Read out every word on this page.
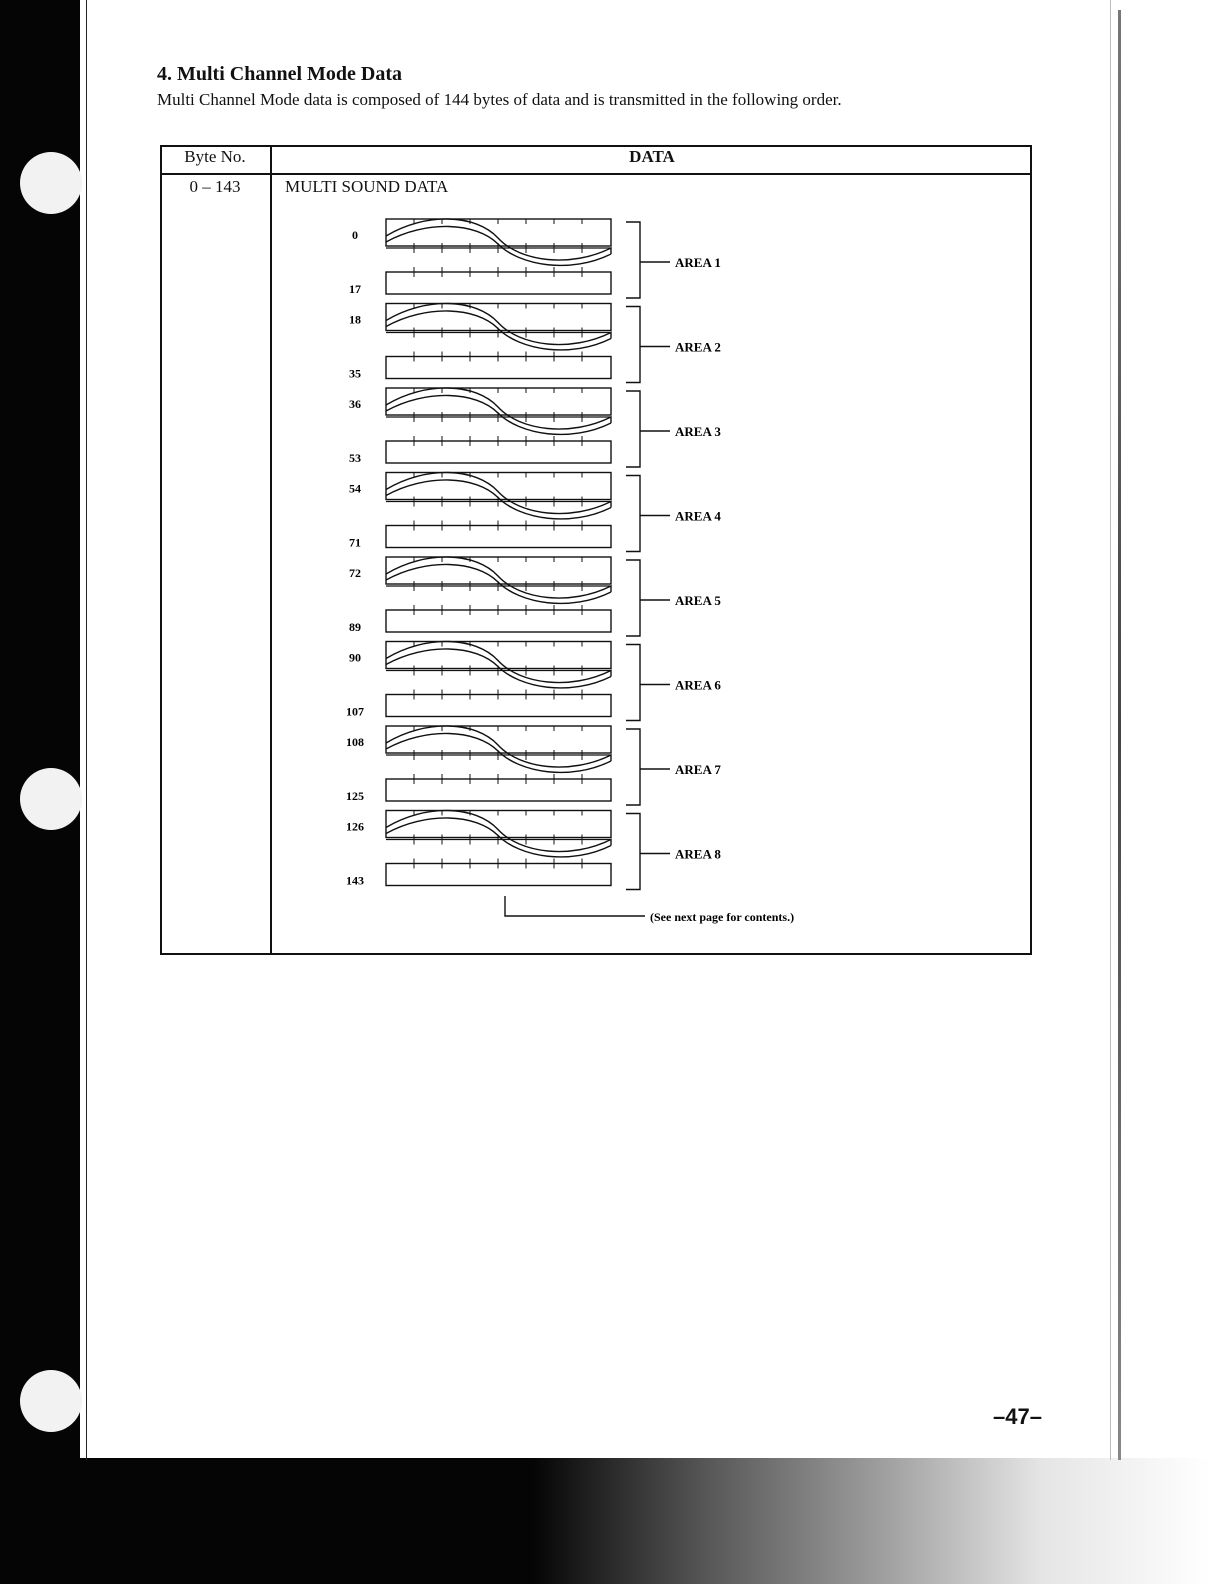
4. Multi Channel Mode Data
Multi Channel Mode data is composed of 144 bytes of data and is transmitted in the following order.
Byte No.	DATA
0 – 143	MULTI SOUND DATA
0
17
AREA 1
18
35
AREA 2
36
53
AREA 3
54
71
AREA 4
72
89
AREA 5
90
107
AREA 6
108
125
AREA 7
126
143
AREA 8
(See next page for contents.)
–47–
